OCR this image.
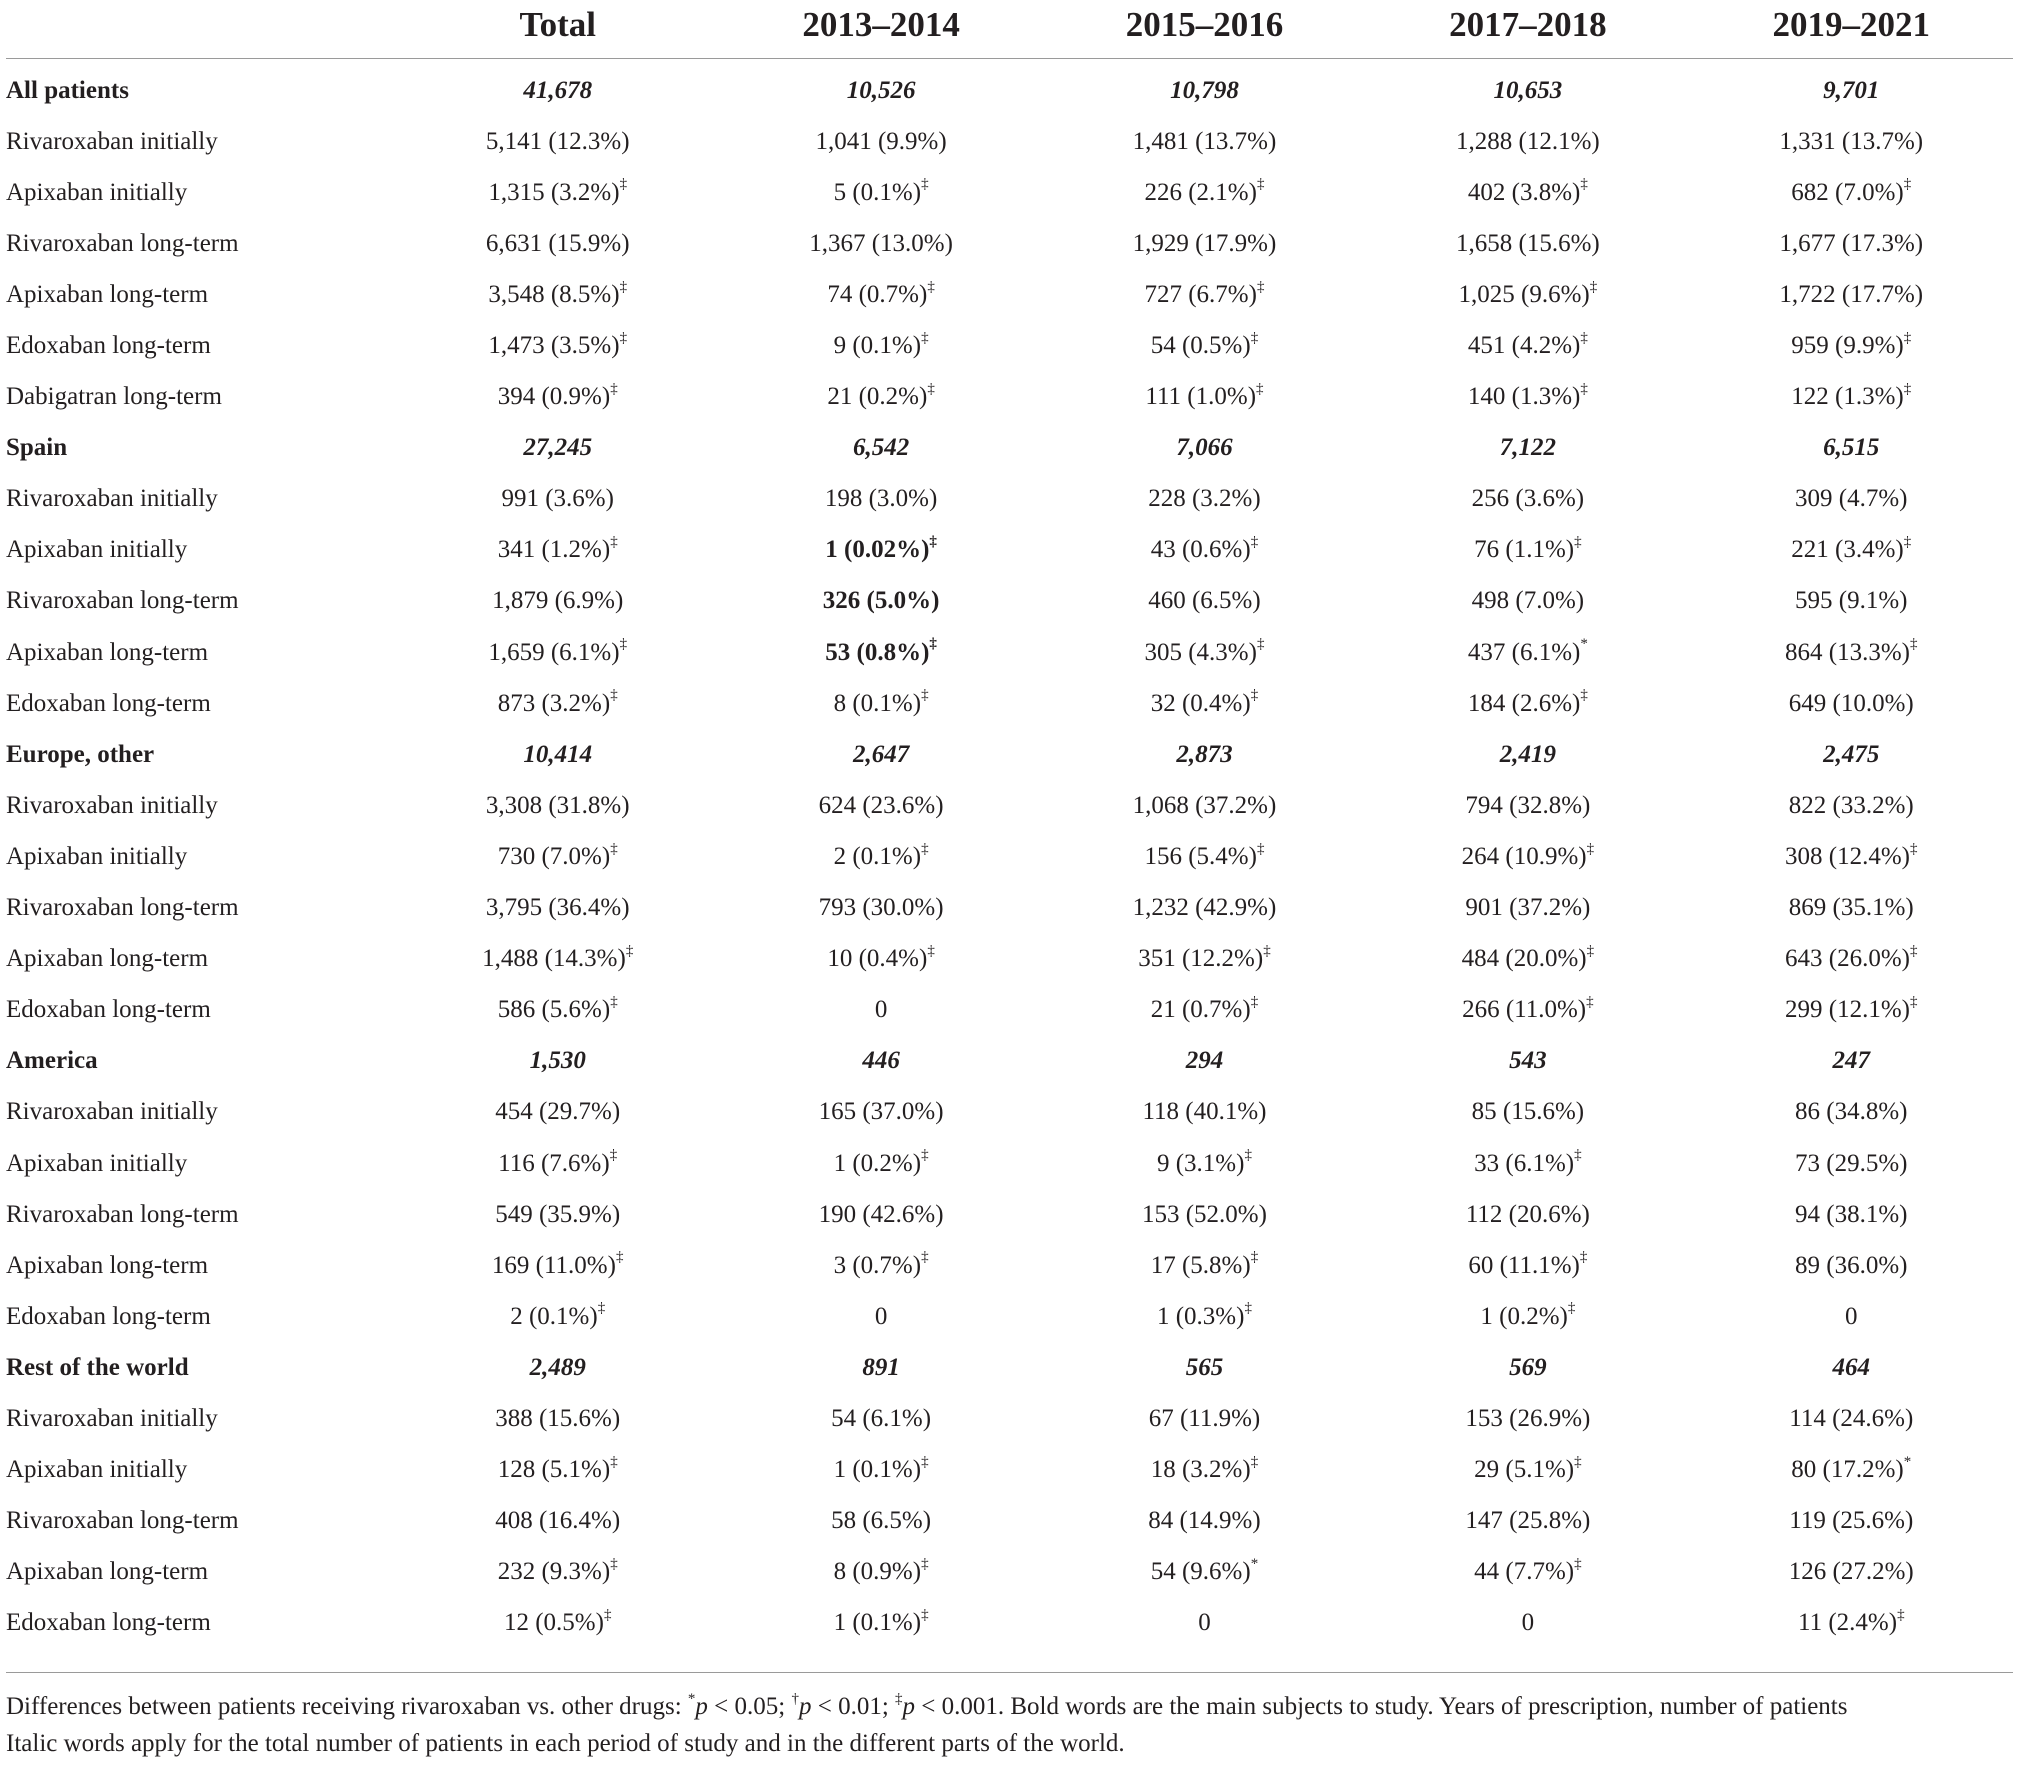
	Total	2013–2014	2015–2016	2017–2018	2019–2021
All patients	41,678	10,526	10,798	10,653	9,701
Rivaroxaban initially	5,141 (12.3%)	1,041 (9.9%)	1,481 (13.7%)	1,288 (12.1%)	1,331 (13.7%)
Apixaban initially	1,315 (3.2%)‡	5 (0.1%)‡	226 (2.1%)‡	402 (3.8%)‡	682 (7.0%)‡
Rivaroxaban long-term	6,631 (15.9%)	1,367 (13.0%)	1,929 (17.9%)	1,658 (15.6%)	1,677 (17.3%)
Apixaban long-term	3,548 (8.5%)‡	74 (0.7%)‡	727 (6.7%)‡	1,025 (9.6%)‡	1,722 (17.7%)
Edoxaban long-term	1,473 (3.5%)‡	9 (0.1%)‡	54 (0.5%)‡	451 (4.2%)‡	959 (9.9%)‡
Dabigatran long-term	394 (0.9%)‡	21 (0.2%)‡	111 (1.0%)‡	140 (1.3%)‡	122 (1.3%)‡
Spain	27,245	6,542	7,066	7,122	6,515
Rivaroxaban initially	991 (3.6%)	198 (3.0%)	228 (3.2%)	256 (3.6%)	309 (4.7%)
Apixaban initially	341 (1.2%)‡	1 (0.02%)‡	43 (0.6%)‡	76 (1.1%)‡	221 (3.4%)‡
Rivaroxaban long-term	1,879 (6.9%)	326 (5.0%)	460 (6.5%)	498 (7.0%)	595 (9.1%)
Apixaban long-term	1,659 (6.1%)‡	53 (0.8%)‡	305 (4.3%)‡	437 (6.1%)*	864 (13.3%)‡
Edoxaban long-term	873 (3.2%)‡	8 (0.1%)‡	32 (0.4%)‡	184 (2.6%)‡	649 (10.0%)
Europe, other	10,414	2,647	2,873	2,419	2,475
Rivaroxaban initially	3,308 (31.8%)	624 (23.6%)	1,068 (37.2%)	794 (32.8%)	822 (33.2%)
Apixaban initially	730 (7.0%)‡	2 (0.1%)‡	156 (5.4%)‡	264 (10.9%)‡	308 (12.4%)‡
Rivaroxaban long-term	3,795 (36.4%)	793 (30.0%)	1,232 (42.9%)	901 (37.2%)	869 (35.1%)
Apixaban long-term	1,488 (14.3%)‡	10 (0.4%)‡	351 (12.2%)‡	484 (20.0%)‡	643 (26.0%)‡
Edoxaban long-term	586 (5.6%)‡	0	21 (0.7%)‡	266 (11.0%)‡	299 (12.1%)‡
America	1,530	446	294	543	247
Rivaroxaban initially	454 (29.7%)	165 (37.0%)	118 (40.1%)	85 (15.6%)	86 (34.8%)
Apixaban initially	116 (7.6%)‡	1 (0.2%)‡	9 (3.1%)‡	33 (6.1%)‡	73 (29.5%)
Rivaroxaban long-term	549 (35.9%)	190 (42.6%)	153 (52.0%)	112 (20.6%)	94 (38.1%)
Apixaban long-term	169 (11.0%)‡	3 (0.7%)‡	17 (5.8%)‡	60 (11.1%)‡	89 (36.0%)
Edoxaban long-term	2 (0.1%)‡	0	1 (0.3%)‡	1 (0.2%)‡	0
Rest of the world	2,489	891	565	569	464
Rivaroxaban initially	388 (15.6%)	54 (6.1%)	67 (11.9%)	153 (26.9%)	114 (24.6%)
Apixaban initially	128 (5.1%)‡	1 (0.1%)‡	18 (3.2%)‡	29 (5.1%)‡	80 (17.2%)*
Rivaroxaban long-term	408 (16.4%)	58 (6.5%)	84 (14.9%)	147 (25.8%)	119 (25.6%)
Apixaban long-term	232 (9.3%)‡	8 (0.9%)‡	54 (9.6%)*	44 (7.7%)‡	126 (27.2%)
Edoxaban long-term	12 (0.5%)‡	1 (0.1%)‡	0	0	11 (2.4%)‡
Differences between patients receiving rivaroxaban vs. other drugs: *p < 0.05; †p < 0.01; ‡p < 0.001. Bold words are the main subjects to study. Years of prescription, number of patients
Italic words apply for the total number of patients in each period of study and in the different parts of the world.
